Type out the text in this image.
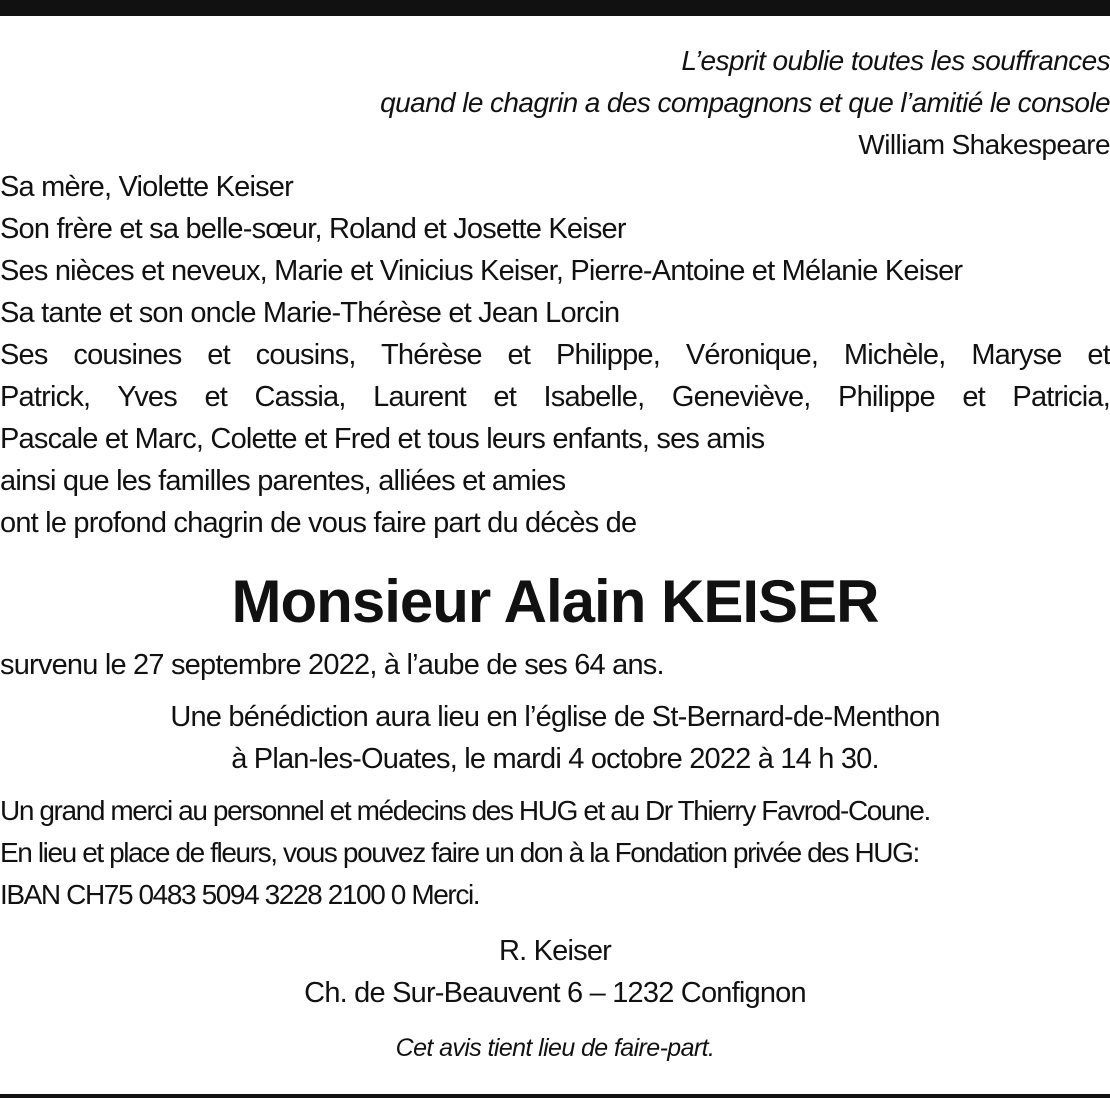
L’esprit oublie toutes les souffrances
quand le chagrin a des compagnons et que l’amitié le console
William Shakespeare
Sa mère, Violette Keiser
Son frère et sa belle-sœur, Roland et Josette Keiser
Ses nièces et neveux, Marie et Vinicius Keiser, Pierre-Antoine et Mélanie Keiser
Sa tante et son oncle Marie-Thérèse et Jean Lorcin
Ses cousines et cousins, Thérèse et Philippe, Véronique, Michèle, Maryse et
Patrick, Yves et Cassia, Laurent et Isabelle, Geneviève, Philippe et Patricia,
Pascale et Marc, Colette et Fred et tous leurs enfants, ses amis
ainsi que les familles parentes, alliées et amies
ont le profond chagrin de vous faire part du décès de
Monsieur Alain KEISER
survenu le 27 septembre 2022, à l’aube de ses 64 ans.
Une bénédiction aura lieu en l’église de St-Bernard-de-Menthon
à Plan-les-Ouates, le mardi 4 octobre 2022 à 14 h 30.
Un grand merci au personnel et médecins des HUG et au Dr Thierry Favrod-Coune.
En lieu et place de fleurs, vous pouvez faire un don à la Fondation privée des HUG:
IBAN CH75 0483 5094 3228 2100 0 Merci.
R. Keiser
Ch. de Sur-Beauvent 6 – 1232 Confignon
Cet avis tient lieu de faire-part.
